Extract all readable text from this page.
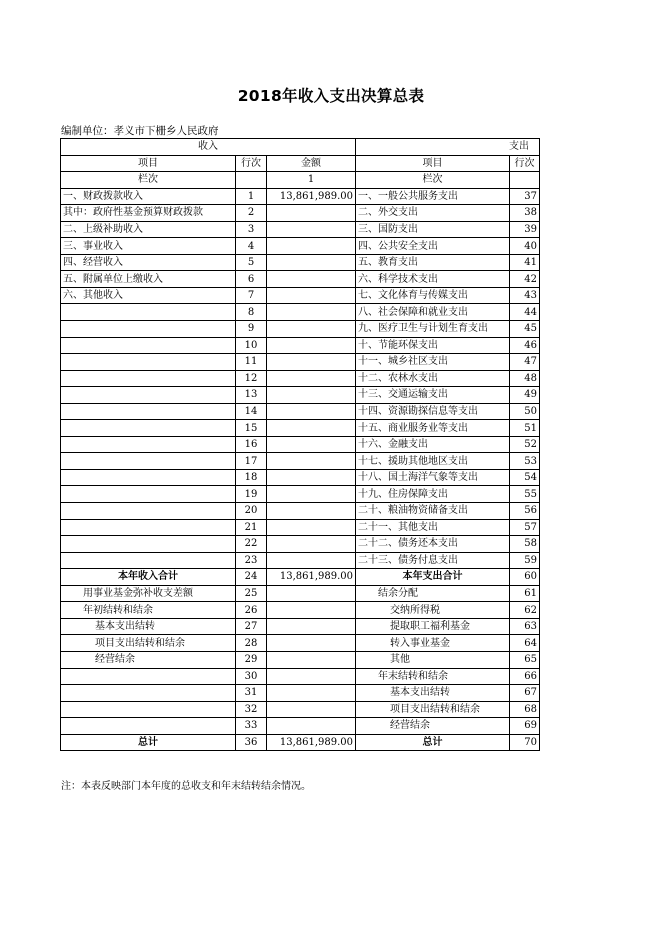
2018年收入支出决算总表
编制单位：孝义市下栅乡人民政府
收入			支出	
项目	行次	金额	项目	行次
栏次		1	栏次	
一、财政拨款收入	1	13,861,989.00	一、一般公共服务支出	37
其中：政府性基金预算财政拨款	2		二、外交支出	38
二、上级补助收入	3		三、国防支出	39
三、事业收入	4		四、公共安全支出	40
四、经营收入	5		五、教育支出	41
五、附属单位上缴收入	6		六、科学技术支出	42
六、其他收入	7		七、文化体育与传媒支出	43
	8		八、社会保障和就业支出	44
	9		九、医疗卫生与计划生育支出	45
	10		十、节能环保支出	46
	11		十一、城乡社区支出	47
	12		十二、农林水支出	48
	13		十三、交通运输支出	49
	14		十四、资源勘探信息等支出	50
	15		十五、商业服务业等支出	51
	16		十六、金融支出	52
	17		十七、援助其他地区支出	53
	18		十八、国土海洋气象等支出	54
	19		十九、住房保障支出	55
	20		二十、粮油物资储备支出	56
	21		二十一、其他支出	57
	22		二十二、债务还本支出	58
	23		二十三、债务付息支出	59
本年收入合计	24	13,861,989.00	本年支出合计	60
用事业基金弥补收支差额	25		结余分配	61
年初结转和结余	26		交纳所得税	62
基本支出结转	27		提取职工福利基金	63
项目支出结转和结余	28		转入事业基金	64
经营结余	29		其他	65
	30		年末结转和结余	66
	31		基本支出结转	67
	32		项目支出结转和结余	68
	33		经营结余	69
总计	36	13,861,989.00	总计	70
注：本表反映部门本年度的总收支和年末结转结余情况。
